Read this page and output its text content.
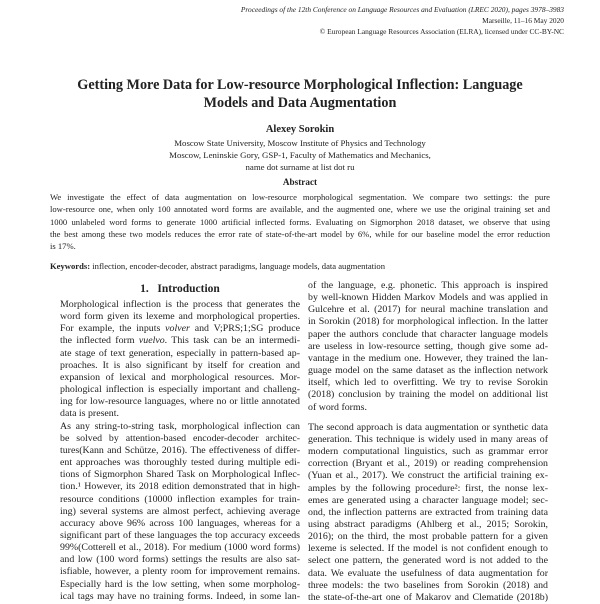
Proceedings of the 12th Conference on Language Resources and Evaluation (LREC 2020), pages 3978–3983
Marseille, 11–16 May 2020
© European Language Resources Association (ELRA), licensed under CC-BY-NC
Getting More Data for Low-resource Morphological Inflection: Language
Models and Data Augmentation
Alexey Sorokin
Moscow State University, Moscow Institute of Physics and Technology
Moscow, Leninskie Gory, GSP-1, Faculty of Mathematics and Mechanics,
name dot surname at list dot ru
Abstract
We investigate the effect of data augmentation on low-resource morphological segmentation. We compare two settings: the pure
low-resource one, when only 100 annotated word forms are available, and the augmented one, where we use the original training set and
1000 unlabeled word forms to generate 1000 artificial inflected forms. Evaluating on Sigmorphon 2018 dataset, we observe that using
the best among these two models reduces the error rate of state-of-the-art model by 6%, while for our baseline model the error reduction
is 17%.
Keywords: inflection, encoder-decoder, abstract paradigms, language models, data augmentation
1.   Introduction
Morphological inflection is the process that generates the
word form given its lexeme and morphological properties.
For example, the inputs volver and V;PRS;1;SG produce
the inflected form vuelvo. This task can be an intermedi-
ate stage of text generation, especially in pattern-based ap-
proaches. It is also significant by itself for creation and
expansion of lexical and morphological resources. Mor-
phological inflection is especially important and challeng-
ing for low-resource languages, where no or little annotated
data is present.
As any string-to-string task, morphological inflection can
be solved by attention-based encoder-decoder architec-
tures(Kann and Schütze, 2016). The effectiveness of differ-
ent approaches was thoroughly tested during multiple edi-
tions of Sigmorphon Shared Task on Morphological Inflec-
tion.¹ However, its 2018 edition demonstrated that in high-
resource conditions (10000 inflection examples for train-
ing) several systems are almost perfect, achieving average
accuracy above 96% across 100 languages, whereas for a
significant part of these languages the top accuracy exceeds
99%(Cotterell et al., 2018). For medium (1000 word forms)
and low (100 word forms) settings the results are also sat-
isfiable, however, a plenty room for improvement remains.
Especially hard is the low setting, when some morpholog-
ical tags may have no training forms. Indeed, in some lan-
of the language, e.g. phonetic. This approach is inspired
by well-known Hidden Markov Models and was applied in
Gulcehre et al. (2017) for neural machine translation and
in Sorokin (2018) for morphological inflection. In the latter
paper the authors conclude that character language models
are useless in low-resource setting, though give some ad-
vantage in the medium one. However, they trained the lan-
guage model on the same dataset as the inflection network
itself, which led to overfitting. We try to revise Sorokin
(2018) conclusion by training the model on additional list
of word forms.
The second approach is data augmentation or synthetic data
generation. This technique is widely used in many areas of
modern computational linguistics, such as grammar error
correction (Bryant et al., 2019) or reading comprehension
(Yuan et al., 2017). We construct the artificial training ex-
amples by the following procedure²: first, the nonse lex-
emes are generated using a character language model; sec-
ond, the inflection patterns are extracted from training data
using abstract paradigms (Ahlberg et al., 2015; Sorokin,
2016); on the third, the most probable pattern for a given
lexeme is selected. If the model is not confident enough to
select one pattern, the generated word is not added to the
data. We evaluate the usefulness of data augmentation for
three models: the two baselines from Sorokin (2018) and
the state-of-the-art one of Makarov and Clematide (2018b)
